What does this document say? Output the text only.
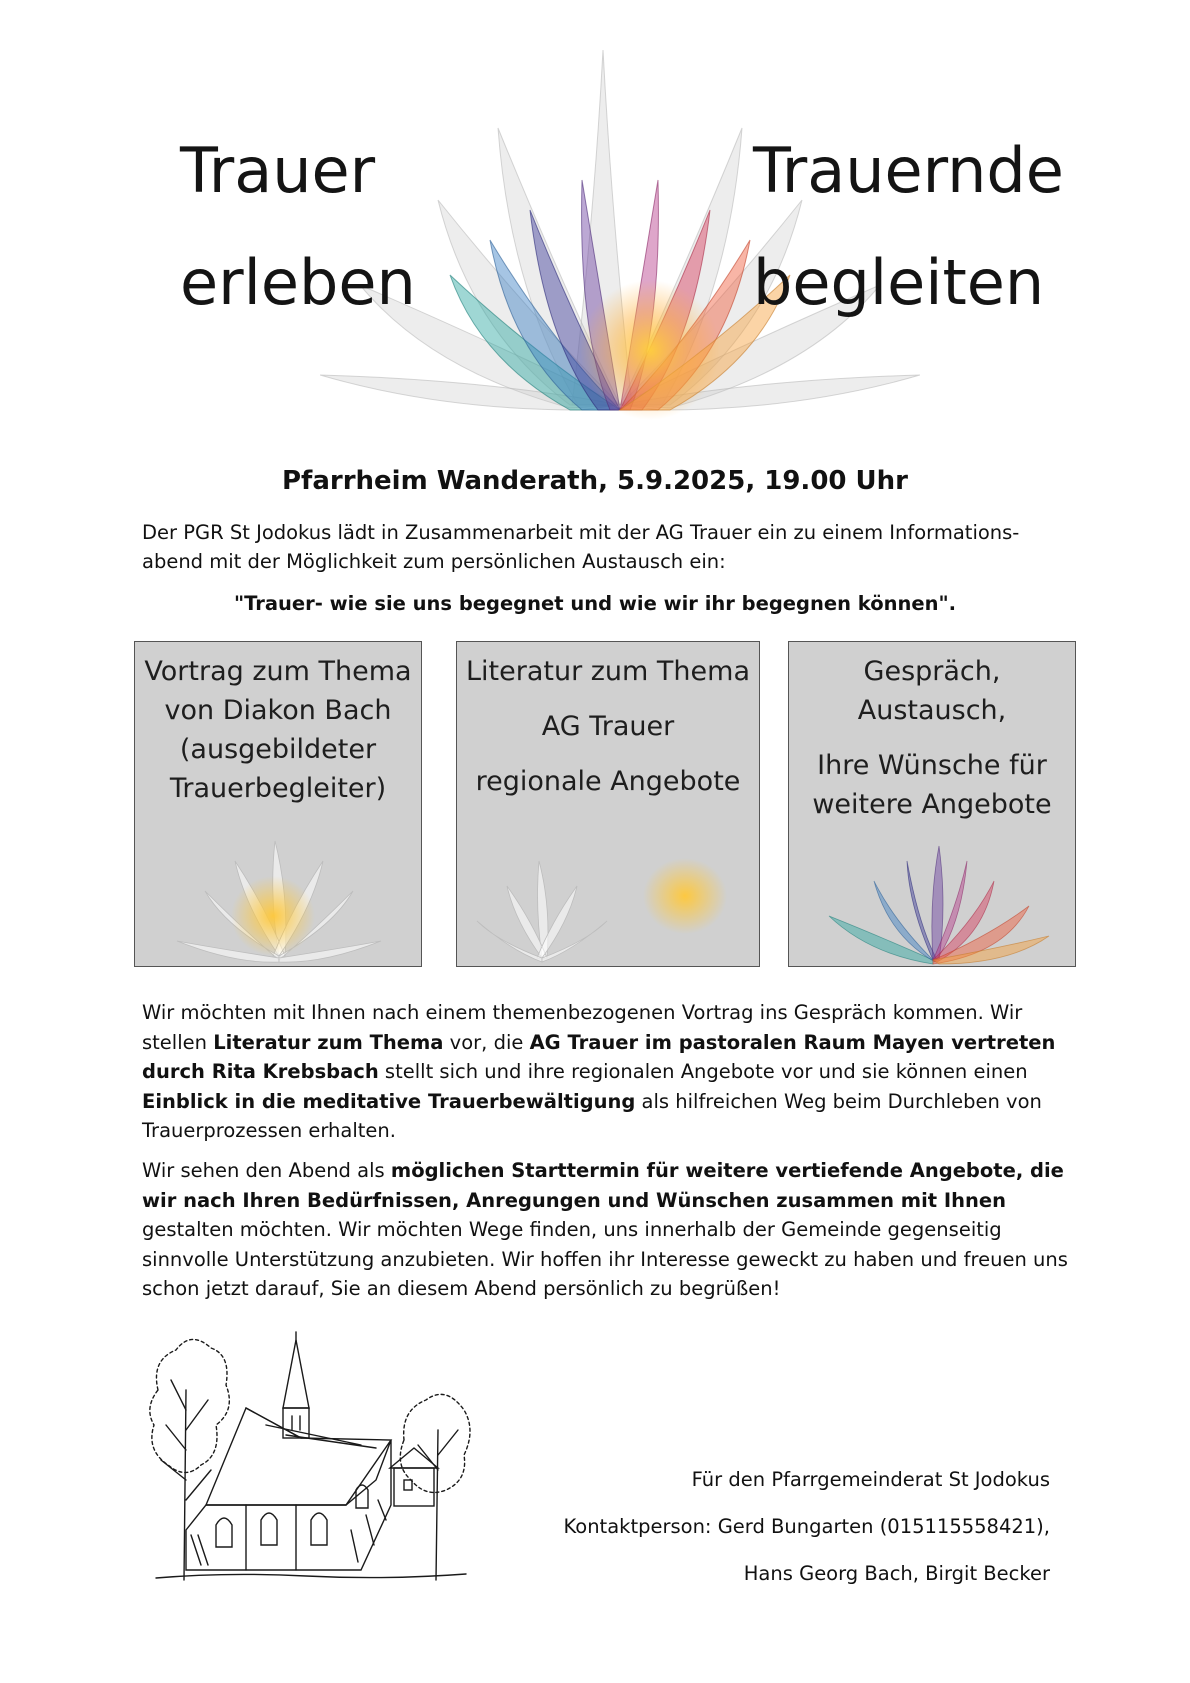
Trauer
erleben
Trauernde
begleiten
Pfarrheim Wanderath, 5.9.2025, 19.00 Uhr
Der PGR St Jodokus lädt in Zusammenarbeit mit der AG Trauer ein zu einem Informations-abend mit der Möglichkeit zum persönlichen Austausch ein:
"Trauer- wie sie uns begegnet und wie wir ihr begegnen können".
Vortrag zum Thema
von Diakon Bach
(ausgebildeter
Trauerbegleiter)
Literatur zum Thema
AG Trauer
regionale Angebote
Gespräch,
Austausch,
Ihre Wünsche für
weitere Angebote
Wir möchten mit Ihnen nach einem themenbezogenen Vortrag ins Gespräch kommen. Wir stellen Literatur zum Thema vor, die AG Trauer im pastoralen Raum Mayen vertreten durch Rita Krebsbach stellt sich und ihre regionalen Angebote vor und sie können einen Einblick in die meditative Trauerbewältigung als hilfreichen Weg beim Durchleben von Trauerprozessen erhalten.
Wir sehen den Abend als möglichen Starttermin für weitere vertiefende Angebote, die wir nach Ihren Bedürfnissen, Anregungen und Wünschen zusammen mit Ihnen gestalten möchten. Wir möchten Wege finden, uns innerhalb der Gemeinde gegenseitig sinnvolle Unterstützung anzubieten. Wir hoffen ihr Interesse geweckt zu haben und freuen uns schon jetzt darauf, Sie an diesem Abend persönlich zu begrüßen!
Für den Pfarrgemeinderat St Jodokus
Kontaktperson: Gerd Bungarten (015115558421),
Hans Georg Bach, Birgit Becker
